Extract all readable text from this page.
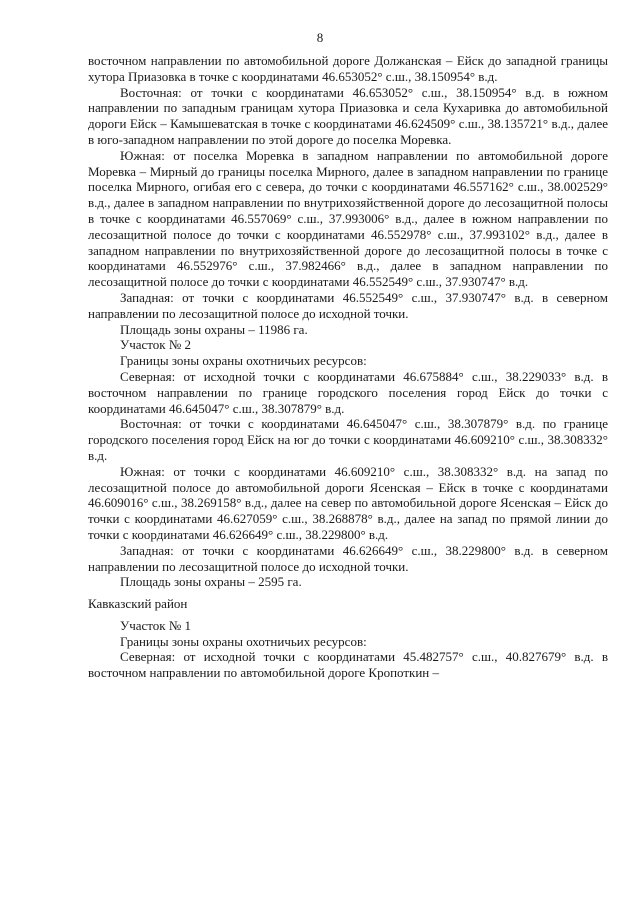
8

восточном направлении по автомобильной дороге Должанская – Ейск до западной границы хутора Приазовка в точке с координатами 46.653052° с.ш., 38.150954° в.д.

Восточная: от точки с координатами 46.653052° с.ш., 38.150954° в.д. в южном направлении по западным границам хутора Приазовка и села Кухаривка до автомобильной дороги Ейск – Камышеватская в точке с координатами 46.624509° с.ш., 38.135721° в.д., далее в юго-западном направлении по этой дороге до поселка Моревка.

Южная: от поселка Моревка в западном направлении по автомобильной дороге Моревка – Мирный до границы поселка Мирного, далее в западном направлении по границе поселка Мирного, огибая его с севера, до точки с координатами 46.557162° с.ш., 38.002529° в.д., далее в западном направлении по внутрихозяйственной дороге до лесозащитной полосы в точке с координатами 46.557069° с.ш., 37.993006° в.д., далее в южном направлении по лесозащитной полосе до точки с координатами 46.552978° с.ш., 37.993102° в.д., далее в западном направлении по внутрихозяйственной дороге до лесозащитной полосы в точке с координатами 46.552976° с.ш., 37.982466° в.д., далее в западном направлении по лесозащитной полосе до точки с координатами 46.552549° с.ш., 37.930747° в.д.

Западная: от точки с координатами 46.552549° с.ш., 37.930747° в.д. в северном направлении по лесозащитной полосе до исходной точки.

Площадь зоны охраны – 11986 га.

Участок № 2

Границы зоны охраны охотничьих ресурсов:

Северная: от исходной точки с координатами 46.675884° с.ш., 38.229033° в.д. в восточном направлении по границе городского поселения город Ейск до точки с координатами 46.645047° с.ш., 38.307879° в.д.

Восточная: от точки с координатами 46.645047° с.ш., 38.307879° в.д. по границе городского поселения город Ейск на юг до точки с координатами 46.609210° с.ш., 38.308332° в.д.

Южная: от точки с координатами 46.609210° с.ш., 38.308332° в.д. на запад по лесозащитной полосе до автомобильной дороги Ясенская – Ейск в точке с координатами 46.609016° с.ш., 38.269158° в.д., далее на север по автомобильной дороге Ясенская – Ейск до точки с координатами 46.627059° с.ш., 38.268878° в.д., далее на запад по прямой линии до точки с координатами 46.626649° с.ш., 38.229800° в.д.

Западная: от точки с координатами 46.626649° с.ш., 38.229800° в.д. в северном направлении по лесозащитной полосе до исходной точки.

Площадь зоны охраны – 2595 га.

Кавказский район

Участок № 1

Границы зоны охраны охотничьих ресурсов:

Северная: от исходной точки с координатами 45.482757° с.ш., 40.827679° в.д. в восточном направлении по автомобильной дороге Кропоткин –
